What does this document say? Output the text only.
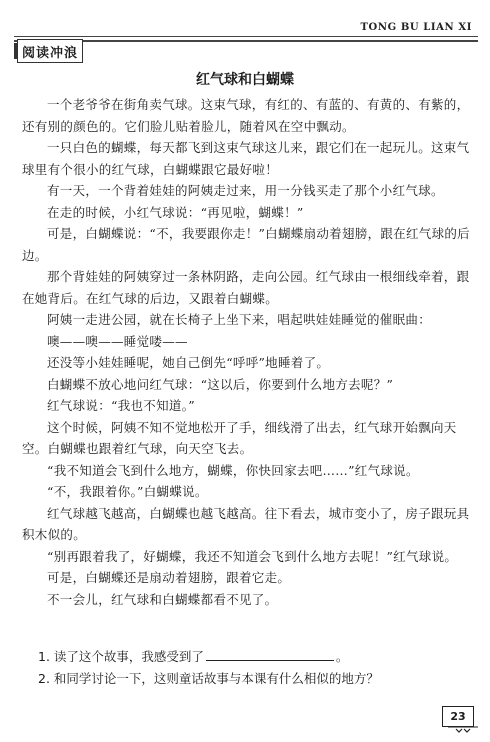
TONG BU LIAN XI
阅读冲浪
红气球和白蝴蝶

一个老爷爷在街角卖气球。这束气球，有红的、有蓝的、有黄的、有紫的，还有别的颜色的。它们脸儿贴着脸儿，随着风在空中飘动。

一只白色的蝴蝶，每天都飞到这束气球这儿来，跟它们在一起玩儿。这束气球里有个很小的红气球，白蝴蝶跟它最好啦！

有一天，一个背着娃娃的阿姨走过来，用一分钱买走了那个小红气球。

在走的时候，小红气球说：“再见啦，蝴蝶！”

可是，白蝴蝶说：“不，我要跟你走！”白蝴蝶扇动着翅膀，跟在红气球的后边。

那个背娃娃的阿姨穿过一条林阴路，走向公园。红气球由一根细线牵着，跟在她背后。在红气球的后边，又跟着白蝴蝶。

阿姨一走进公园，就在长椅子上坐下来，唱起哄娃娃睡觉的催眠曲：

噢——噢——睡觉喽——

还没等小娃娃睡呢，她自己倒先“呼呼”地睡着了。

白蝴蝶不放心地问红气球：“这以后，你要到什么地方去呢？”

红气球说：“我也不知道。”

这个时候，阿姨不知不觉地松开了手，细线滑了出去，红气球开始飘向天空。白蝴蝶也跟着红气球，向天空飞去。

“我不知道会飞到什么地方，蝴蝶，你快回家去吧……”红气球说。

“不，我跟着你。”白蝴蝶说。

红气球越飞越高，白蝴蝶也越飞越高。往下看去，城市变小了，房子跟玩具积木似的。

“别再跟着我了，好蝴蝶，我还不知道会飞到什么地方去呢！”红气球说。

可是，白蝴蝶还是扇动着翅膀，跟着它走。

不一会儿，红气球和白蝴蝶都看不见了。

1. 读了这个故事，我感受到了	。

2. 和同学讨论一下，这则童话故事与本课有什么相似的地方？

23
